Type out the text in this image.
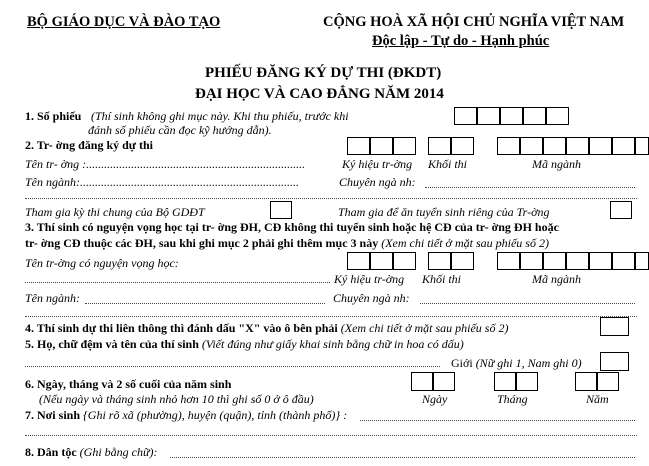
BỘ GIÁO DỤC VÀ ĐÀO TẠO	CỘNG HOÀ XÃ HỘI CHỦ NGHĨA VIỆT NAM
Độc lập - Tự do - Hạnh phúc
PHIẾU ĐĂNG KÝ DỰ THI (ĐKDT)
ĐẠI HỌC VÀ CAO ĐẲNG NĂM 2014
1. Số phiếu (Thí sinh không ghi mục này. Khi thu phiếu, trước khi
đánh số phiếu cần đọc kỹ hướng dẫn).
2. Tr- ờng đăng ký dự thi
Tên tr- ờng :.........................................................................	Ký hiệu tr-ờng Khối thi	Mã ngành
Tên ngành:.........................................................................	Chuyên ngà nh:
Tham gia kỳ thi chung của Bộ GDĐT	Tham gia để ăn tuyển sinh riêng của Tr-ờng
3. Thí sinh có nguyện vọng học tại tr- ờng ĐH, CĐ không thi tuyển sinh hoặc hệ CĐ của tr- ờng ĐH hoặc
tr- ờng CĐ thuộc các ĐH, sau khi ghi mục 2 phải ghi thêm mục 3 này (Xem chi tiết ở mặt sau phiếu số 2)
Tên tr-ờng có nguyện vọng học:
Ký hiệu tr-ờng Khối thi	Mã ngành
Tên ngành:	Chuyên ngà nh:
4. Thí sinh dự thi liên thông thì đánh dấu "X" vào ô bên phải (Xem chi tiết ở mặt sau phiếu số 2)
5. Họ, chữ đệm và tên của thí sinh (Viết đúng như giấy khai sinh bằng chữ in hoa có dấu)
Giới (Nữ ghi 1, Nam ghi 0)
6. Ngày, tháng và 2 số cuối của năm sinh
(Nếu ngày và tháng sinh nhỏ hơn 10 thì ghi số 0 ở ô đầu)	Ngày	Tháng	Năm
7. Nơi sinh {Ghi rõ xã (phường), huyện (quận), tỉnh (thành phố)} :
8. Dân tộc (Ghi bằng chữ):
